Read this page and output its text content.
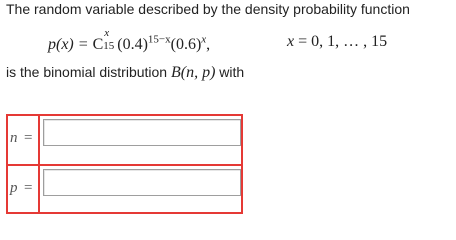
The random variable described by the density probability function
p(x) = C
x
15 $(0.4)^{15-x}(0.6)^x$,	x = 0, 1, … , 15
is the binomial distribution B(n, p) with
n =
p =
